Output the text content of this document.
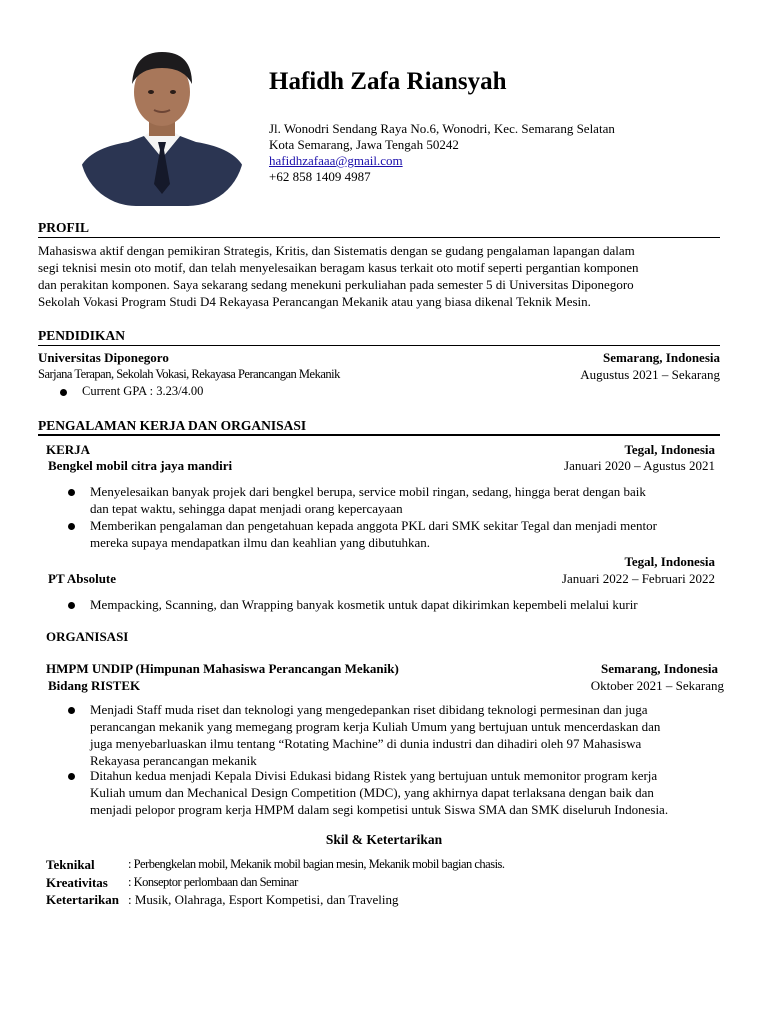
Hafidh Zafa Riansyah
Jl. Wonodri Sendang Raya No.6, Wonodri, Kec. Semarang Selatan
Kota Semarang, Jawa Tengah 50242
hafidhzafaaa@gmail.com
+62 858 1409 4987
PROFIL
Mahasiswa aktif dengan pemikiran Strategis, Kritis, dan Sistematis dengan se gudang pengalaman lapangan dalam
segi teknisi mesin oto motif, dan telah menyelesaikan beragam kasus terkait oto motif seperti pergantian komponen
dan perakitan komponen. Saya sekarang sedang menekuni perkuliahan pada semester 5 di Universitas Diponegoro
Sekolah Vokasi Program Studi D4 Rekayasa Perancangan Mekanik atau yang biasa dikenal Teknik Mesin.
PENDIDIKAN
Universitas Diponegoro	Semarang, Indonesia
Sarjana Terapan, Sekolah Vokasi, Rekayasa Perancangan Mekanik	Augustus 2021 – Sekarang
Current GPA : 3.23/4.00
PENGALAMAN KERJA DAN ORGANISASI
KERJA	Tegal, Indonesia
Bengkel mobil citra jaya mandiri	Januari 2020 – Agustus 2021
Menyelesaikan banyak projek dari bengkel berupa, service mobil ringan, sedang, hingga berat dengan baik
dan tepat waktu, sehingga dapat menjadi orang kepercayaan
Memberikan pengalaman dan pengetahuan kepada anggota PKL dari SMK sekitar Tegal dan menjadi mentor
mereka supaya mendapatkan ilmu dan keahlian yang dibutuhkan.
Tegal, Indonesia
PT Absolute	Januari 2022 – Februari 2022
Mempacking, Scanning, dan Wrapping banyak kosmetik untuk dapat dikirimkan kepembeli melalui kurir
ORGANISASI
HMPM UNDIP (Himpunan Mahasiswa Perancangan Mekanik)	Semarang, Indonesia
Bidang RISTEK	Oktober 2021 – Sekarang
Menjadi Staff muda riset dan teknologi yang mengedepankan riset dibidang teknologi permesinan dan juga
perancangan mekanik yang memegang program kerja Kuliah Umum yang bertujuan untuk mencerdaskan dan
juga menyebarluaskan ilmu tentang “Rotating Machine” di dunia industri dan dihadiri oleh 97 Mahasiswa
Rekayasa perancangan mekanik
Ditahun kedua menjadi Kepala Divisi Edukasi bidang Ristek yang bertujuan untuk memonitor program kerja
Kuliah umum dan Mechanical Design Competition (MDC), yang akhirnya dapat terlaksana dengan baik dan
menjadi pelopor program kerja HMPM dalam segi kompetisi untuk Siswa SMA dan SMK diseluruh Indonesia.
Skil & Ketertarikan
Teknikal	: Perbengkelan mobil, Mekanik mobil bagian mesin, Mekanik mobil bagian chasis.
Kreativitas : Konseptor perlombaan dan Seminar
Ketertarikan : Musik, Olahraga, Esport Kompetisi, dan Traveling
